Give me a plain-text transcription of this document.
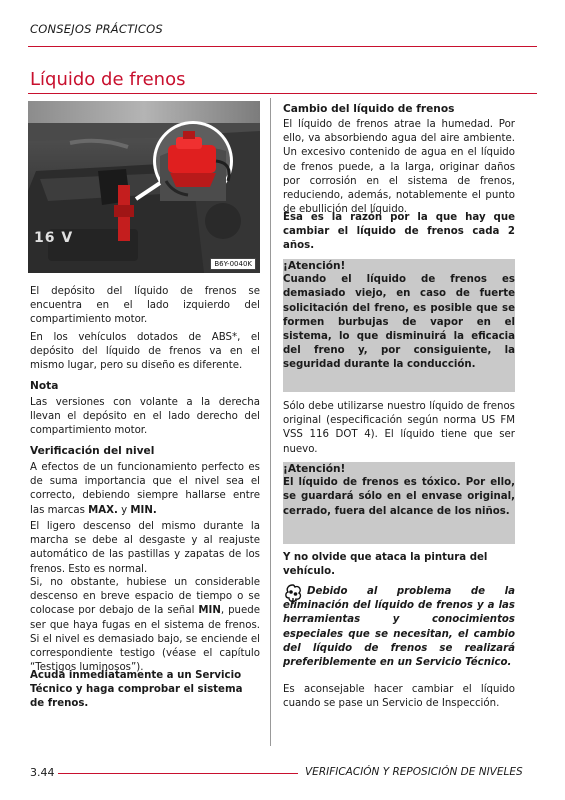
CONSEJOS PRÁCTICOS
Líquido de frenos
16 V
B6Y-0040K
El depósito del líquido de frenos se encuentra en el lado izquierdo del compartimiento motor.
En los vehículos dotados de ABS*, el depósito del líquido de frenos va en el mismo lugar, pero su diseño es diferente.
Nota
Las versiones con volante a la derecha llevan el depósito en el lado derecho del compartimiento motor.
Verificación del nivel
A efectos de un funcionamiento perfecto es de suma importancia que el nivel sea el correcto, debiendo siempre hallarse entre las marcas MAX. y MIN.
El ligero descenso del mismo durante la marcha se debe al desgaste y al reajuste automático de las pastillas y zapatas de los frenos. Esto es normal.
Si, no obstante, hubiese un considerable descenso en breve espacio de tiempo o se colocase por debajo de la señal MIN, puede ser que haya fugas en el sistema de frenos. Si el nivel es demasiado bajo, se enciende el correspondiente testigo (véase el capítulo “Testigos luminosos”).
Acuda inmediatamente a un Servicio Técnico y haga comprobar el sistema de frenos.
Cambio del líquido de frenos
El líquido de frenos atrae la humedad. Por ello, va absorbiendo agua del aire ambiente. Un excesivo contenido de agua en el líquido de frenos puede, a la larga, originar daños por corrosión en el sistema de frenos, reduciendo, además, notablemente el punto de ebullición del líquido.
Esa es la razón por la que hay que cambiar el líquido de frenos cada 2 años.
¡Atención!
Cuando el líquido de frenos es demasiado viejo, en caso de fuerte solicitación del freno, es posible que se formen burbujas de vapor en el sistema, lo que disminuirá la eficacia del freno y, por consiguiente, la seguridad durante la conducción.
Sólo debe utilizarse nuestro líquido de frenos original (especificación según norma US FM VSS 116 DOT 4). El líquido tiene que ser nuevo.
¡Atención!
El líquido de frenos es tóxico. Por ello, se guardará sólo en el envase original, cerrado, fuera del alcance de los niños.
Y no olvide que ataca la pintura del vehículo.
Debido al problema de la eliminación del líquido de frenos y a las herramientas y conocimientos especiales que se necesitan, el cambio del líquido de frenos se realizará preferiblemente en un Servicio Técnico.
Es aconsejable hacer cambiar el líquido cuando se pase un Servicio de Inspección.
3.44	VERIFICACIÓN Y REPOSICIÓN DE NIVELES
